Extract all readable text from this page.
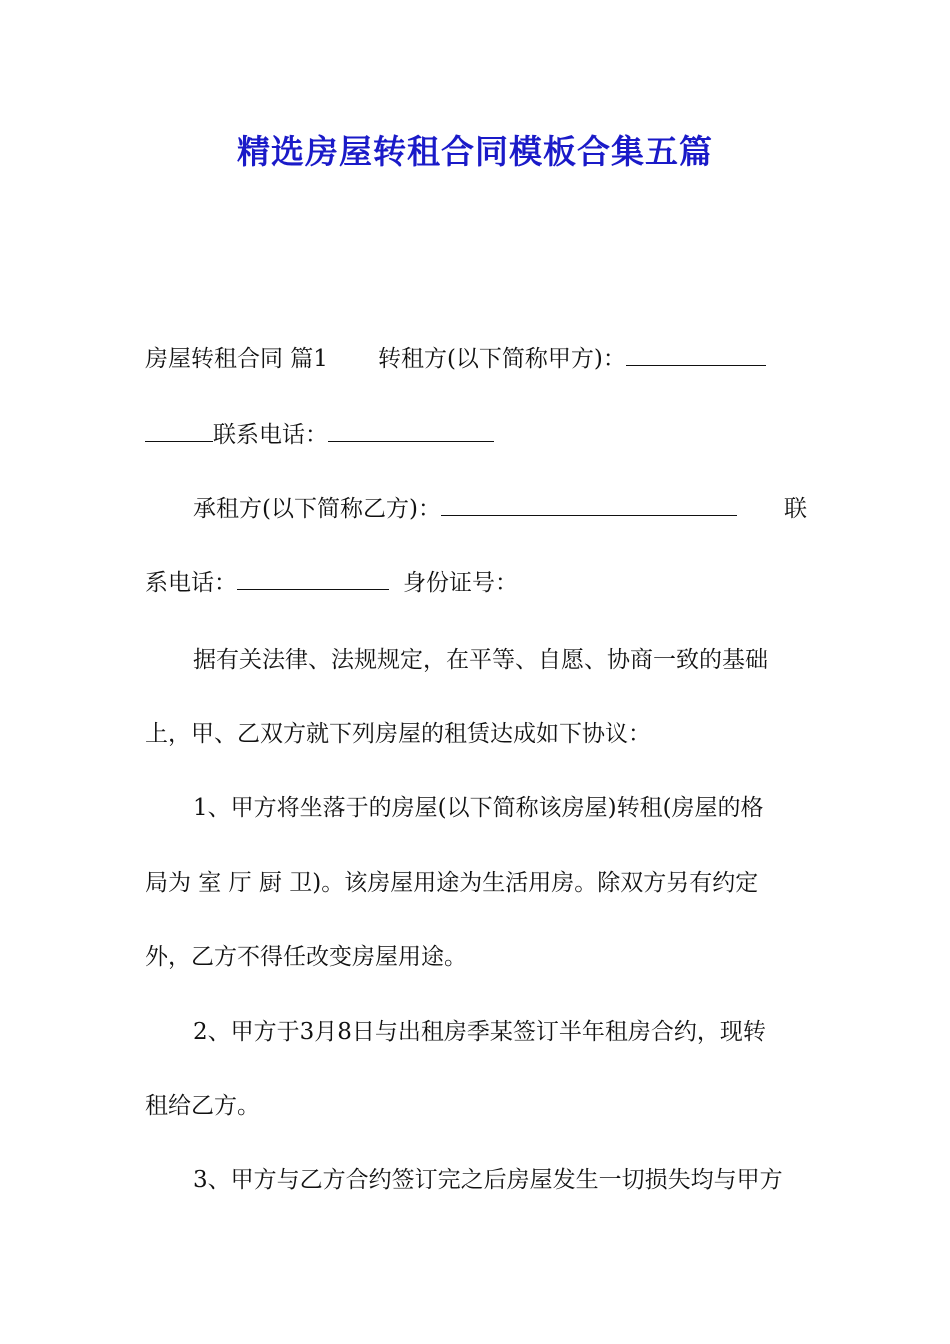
精选房屋转租合同模板合集五篇
房屋转租合同 篇1 转租方(以下简称甲方)：
联系电话：
承租方(以下简称乙方)：	联
系电话：	身份证号：

据有关法律、法规规定，在平等、自愿、协商一致的基础

上，甲、乙双方就下列房屋的租赁达成如下协议：

1、甲方将坐落于的房屋(以下简称该房屋)转租(房屋的格

局为 室 厅 厨 卫)。该房屋用途为生活用房。除双方另有约定

外，乙方不得任改变房屋用途。

2、甲方于3月8日与出租房季某签订半年租房合约，现转

租给乙方。

3、甲方与乙方合约签订完之后房屋发生一切损失均与甲方
